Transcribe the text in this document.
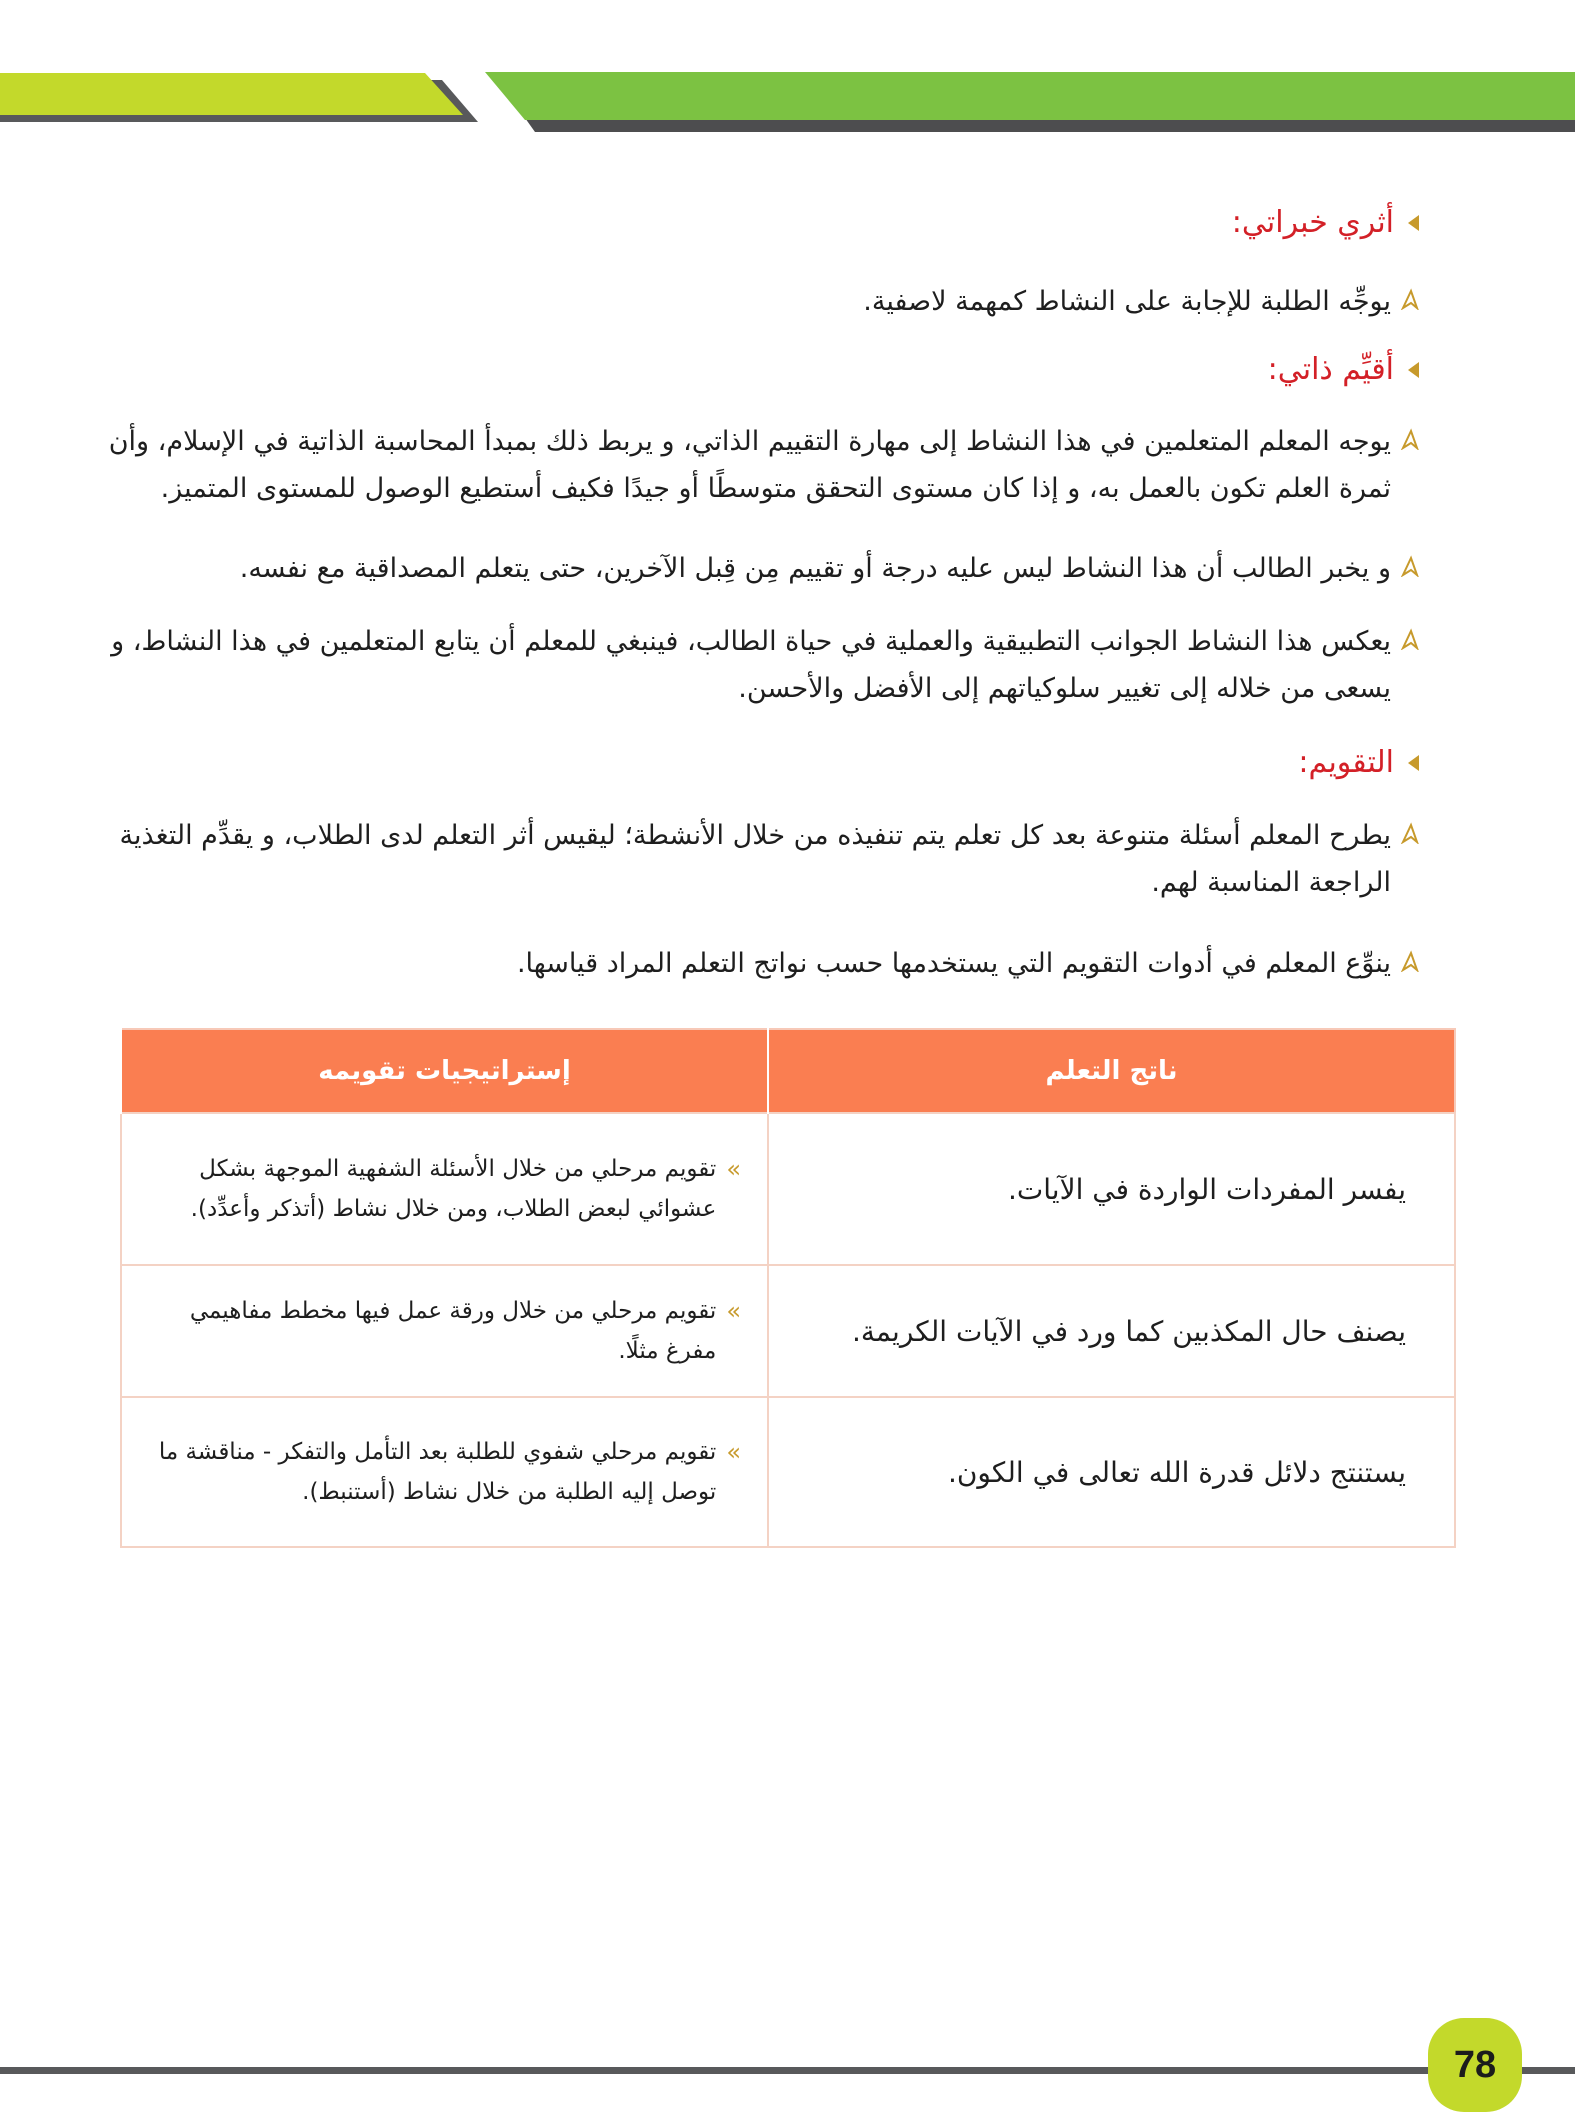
أثري خبراتي:
يوجِّه الطلبة للإجابة على النشاط كمهمة لاصفية.
أقيِّم ذاتي:
يوجه المعلم المتعلمين في هذا النشاط إلى مهارة التقييم الذاتي، و يربط ذلك بمبدأ المحاسبة الذاتية في الإسلام، وأن ثمرة العلم تكون بالعمل به، و إذا كان مستوى التحقق متوسطًا أو جيدًا فكيف أستطيع الوصول للمستوى المتميز.
و يخبر الطالب أن هذا النشاط ليس عليه درجة أو تقييم مِن قِبل الآخرين، حتى يتعلم المصداقية مع نفسه.
يعكس هذا النشاط الجوانب التطبيقية والعملية في حياة الطالب، فينبغي للمعلم أن يتابع المتعلمين في هذا النشاط، و يسعى من خلاله إلى تغيير سلوكياتهم إلى الأفضل والأحسن.
التقويم:
يطرح المعلم أسئلة متنوعة بعد كل تعلم يتم تنفيذه من خلال الأنشطة؛ ليقيس أثر التعلم لدى الطلاب، و يقدِّم التغذية الراجعة المناسبة لهم.
ينوِّع المعلم في أدوات التقويم التي يستخدمها حسب نواتج التعلم المراد قياسها.
ناتج التعلم	إستراتيجيات تقويمه
يفسر المفردات الواردة في الآيات.	»
تقويم مرحلي من خلال الأسئلة الشفهية الموجهة بشكل عشوائي لبعض الطلاب، ومن خلال نشاط (أتذكر وأعدِّد).

يصنف حال المكذبين كما ورد في الآيات الكريمة.	»
تقويم مرحلي من خلال ورقة عمل فيها مخطط مفاهيمي مفرغ مثلًا.

يستنتج دلائل قدرة الله تعالى في الكون.	»
تقويم مرحلي شفوي للطلبة بعد التأمل والتفكر - مناقشة ما توصل إليه الطلبة من خلال نشاط (أستنبط).
78
